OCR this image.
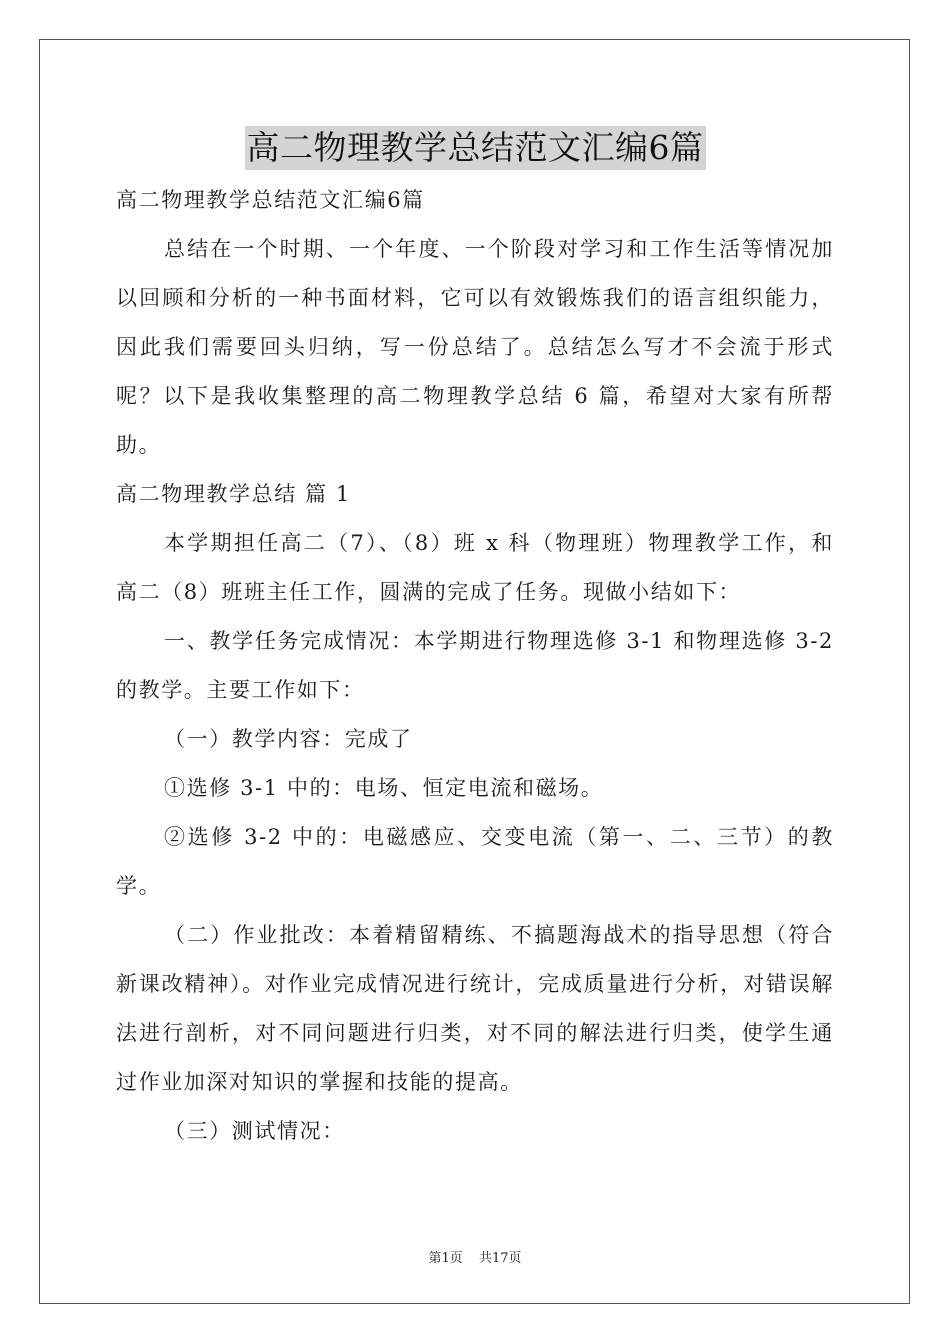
高二物理教学总结范文汇编6篇

高二物理教学总结范文汇编6篇

总结在一个时期、一个年度、一个阶段对学习和工作生活等情况加以回顾和分析的一种书面材料，它可以有效锻炼我们的语言组织能力，因此我们需要回头归纳，写一份总结了。总结怎么写才不会流于形式呢？以下是我收集整理的高二物理教学总结 6 篇，希望对大家有所帮助。

高二物理教学总结 篇 1

本学期担任高二（7）、（8）班 x 科（物理班）物理教学工作，和高二（8）班班主任工作，圆满的完成了任务。现做小结如下：

一、教学任务完成情况：本学期进行物理选修 3-1 和物理选修 3-2 的教学。主要工作如下：

（一）教学内容：完成了

①选修 3-1 中的：电场、恒定电流和磁场。

②选修 3-2 中的：电磁感应、交变电流（第一、二、三节）的教学。

（二）作业批改：本着精留精练、不搞题海战术的指导思想（符合新课改精神）。对作业完成情况进行统计，完成质量进行分析，对错误解法进行剖析，对不同问题进行归类，对不同的解法进行归类，使学生通过作业加深对知识的掌握和技能的提高。

（三）测试情况：

第1页 共17页
